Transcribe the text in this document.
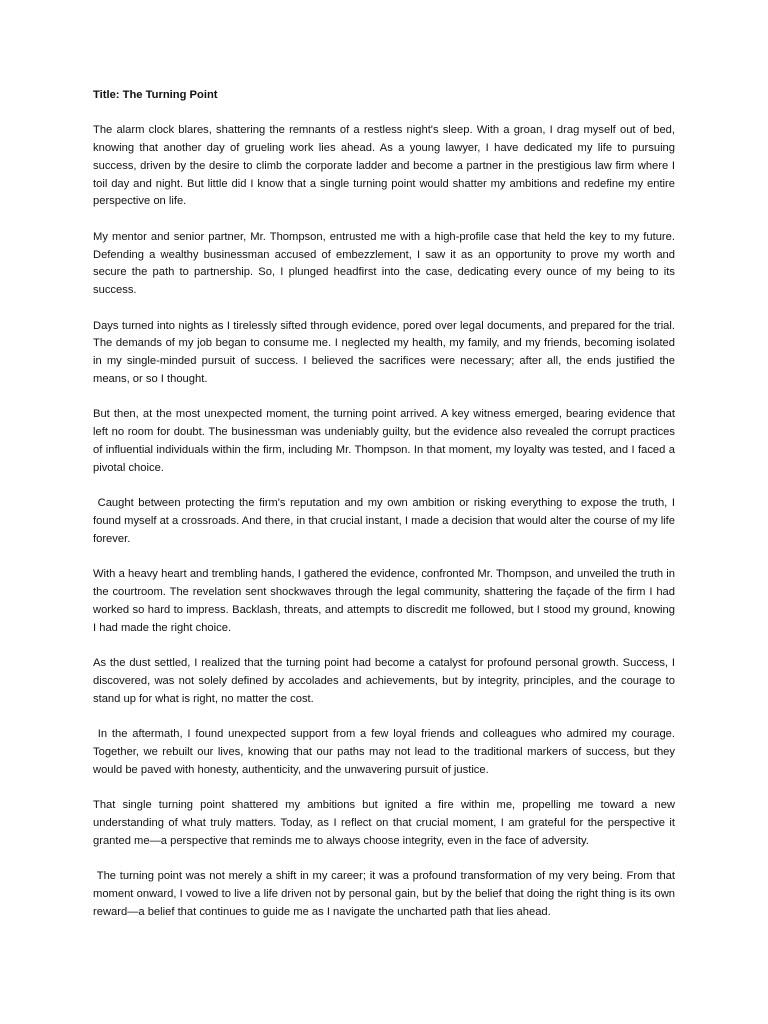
Title: The Turning Point

The alarm clock blares, shattering the remnants of a restless night's sleep. With a groan, I drag myself out of bed, knowing that another day of grueling work lies ahead. As a young lawyer, I have dedicated my life to pursuing success, driven by the desire to climb the corporate ladder and become a partner in the prestigious law firm where I toil day and night. But little did I know that a single turning point would shatter my ambitions and redefine my entire perspective on life.

My mentor and senior partner, Mr. Thompson, entrusted me with a high-profile case that held the key to my future. Defending a wealthy businessman accused of embezzlement, I saw it as an opportunity to prove my worth and secure the path to partnership. So, I plunged headfirst into the case, dedicating every ounce of my being to its success.

Days turned into nights as I tirelessly sifted through evidence, pored over legal documents, and prepared for the trial. The demands of my job began to consume me. I neglected my health, my family, and my friends, becoming isolated in my single-minded pursuit of success. I believed the sacrifices were necessary; after all, the ends justified the means, or so I thought.

But then, at the most unexpected moment, the turning point arrived. A key witness emerged, bearing evidence that left no room for doubt. The businessman was undeniably guilty, but the evidence also revealed the corrupt practices of influential individuals within the firm, including Mr. Thompson. In that moment, my loyalty was tested, and I faced a pivotal choice.

Caught between protecting the firm's reputation and my own ambition or risking everything to expose the truth, I found myself at a crossroads. And there, in that crucial instant, I made a decision that would alter the course of my life forever.

With a heavy heart and trembling hands, I gathered the evidence, confronted Mr. Thompson, and unveiled the truth in the courtroom. The revelation sent shockwaves through the legal community, shattering the façade of the firm I had worked so hard to impress. Backlash, threats, and attempts to discredit me followed, but I stood my ground, knowing I had made the right choice.

As the dust settled, I realized that the turning point had become a catalyst for profound personal growth. Success, I discovered, was not solely defined by accolades and achievements, but by integrity, principles, and the courage to stand up for what is right, no matter the cost.

In the aftermath, I found unexpected support from a few loyal friends and colleagues who admired my courage. Together, we rebuilt our lives, knowing that our paths may not lead to the traditional markers of success, but they would be paved with honesty, authenticity, and the unwavering pursuit of justice.

That single turning point shattered my ambitions but ignited a fire within me, propelling me toward a new understanding of what truly matters. Today, as I reflect on that crucial moment, I am grateful for the perspective it granted me—a perspective that reminds me to always choose integrity, even in the face of adversity.

The turning point was not merely a shift in my career; it was a profound transformation of my very being. From that moment onward, I vowed to live a life driven not by personal gain, but by the belief that doing the right thing is its own reward—a belief that continues to guide me as I navigate the uncharted path that lies ahead.
